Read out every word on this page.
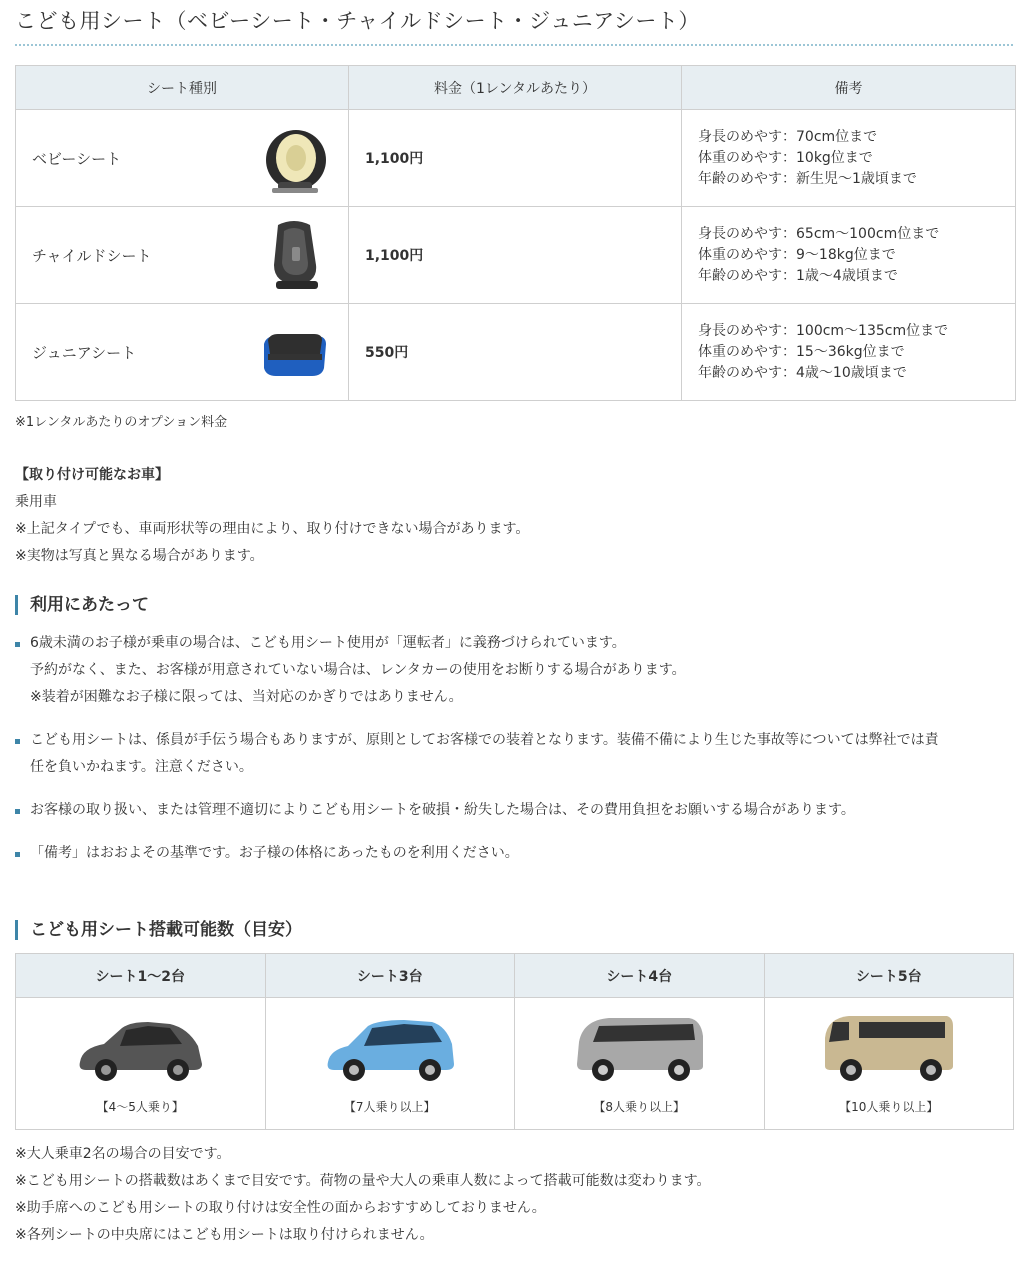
こども用シート（ベビーシート・チャイルドシート・ジュニアシート）
シート種別	料金（1レンタルあたり）	備考
ベビーシート	1,100円	身長のめやす：70cm位まで
体重のめやす：10kg位まで
年齢のめやす：新生児～1歳頃まで

チャイルドシート	1,100円	身長のめやす：65cm～100cm位まで
体重のめやす：9～18kg位まで
年齢のめやす：1歳～4歳頃まで

ジュニアシート	550円	身長のめやす：100cm～135cm位まで
体重のめやす：15～36kg位まで
年齢のめやす：4歳～10歳頃まで
※1レンタルあたりのオプション料金
【取り付け可能なお車】
乗用車
※上記タイプでも、車両形状等の理由により、取り付けできない場合があります。
※実物は写真と異なる場合があります。
利用にあたって
6歳未満のお子様が乗車の場合は、こども用シート使用が「運転者」に義務づけられています。
予約がなく、また、お客様が用意されていない場合は、レンタカーの使用をお断りする場合があります。
※装着が困難なお子様に限っては、当対応のかぎりではありません。
こども用シートは、係員が手伝う場合もありますが、原則としてお客様での装着となります。装備不備により生じた事故等については弊社では責
任を負いかねます。注意ください。
お客様の取り扱い、または管理不適切によりこども用シートを破損・紛失した場合は、その費用負担をお願いする場合があります。
「備考」はおおよその基準です。お子様の体格にあったものを利用ください。
こども用シート搭載可能数（目安）
シート1～2台	シート3台	シート4台	シート5台

【4～5人乗り】	【7人乗り以上】	【8人乗り以上】	【10人乗り以上】
※大人乗車2名の場合の目安です。
※こども用シートの搭載数はあくまで目安です。荷物の量や大人の乗車人数によって搭載可能数は変わります。
※助手席へのこども用シートの取り付けは安全性の面からおすすめしておりません。
※各列シートの中央席にはこども用シートは取り付けられません。
